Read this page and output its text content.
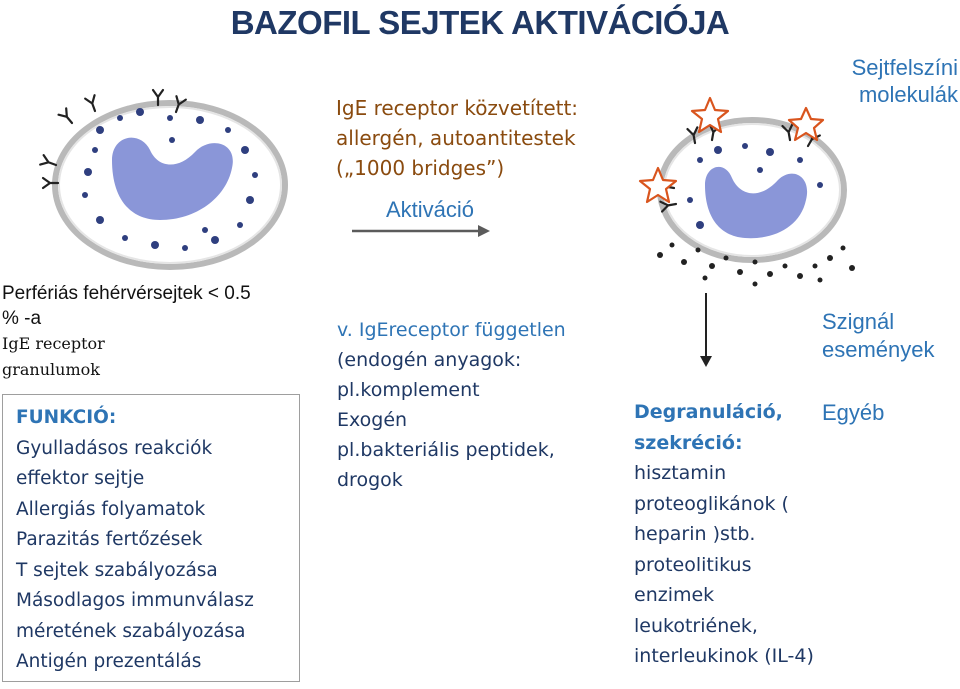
BAZOFIL SEJTEK AKTIVÁCIÓJA
IgE receptor közvetített:
allergén, autoantitestek
(„1000 bridges”)
Aktiváció
Sejtfelszíni
molekulák
Perfériás fehérvérsejtek < 0.5
% -a
IgE receptor
granulumok
FUNKCIÓ:
Gyulladásos reakciók
effektor sejtje
Allergiás folyamatok
Parazitás fertőzések
T sejtek szabályozása
Másodlagos immunválasz
méretének szabályozása
Antigén prezentálás
v. IgEreceptor független
(endogén anyagok:
pl.komplement
Exogén
pl.bakteriális peptidek,
drogok
Degranuláció,
szekréció:
hisztamin
proteoglikánok (
heparin )stb.
proteolitikus
enzimek
leukotriének,
interleukinok (IL-4)
Szignál
események
Egyéb
